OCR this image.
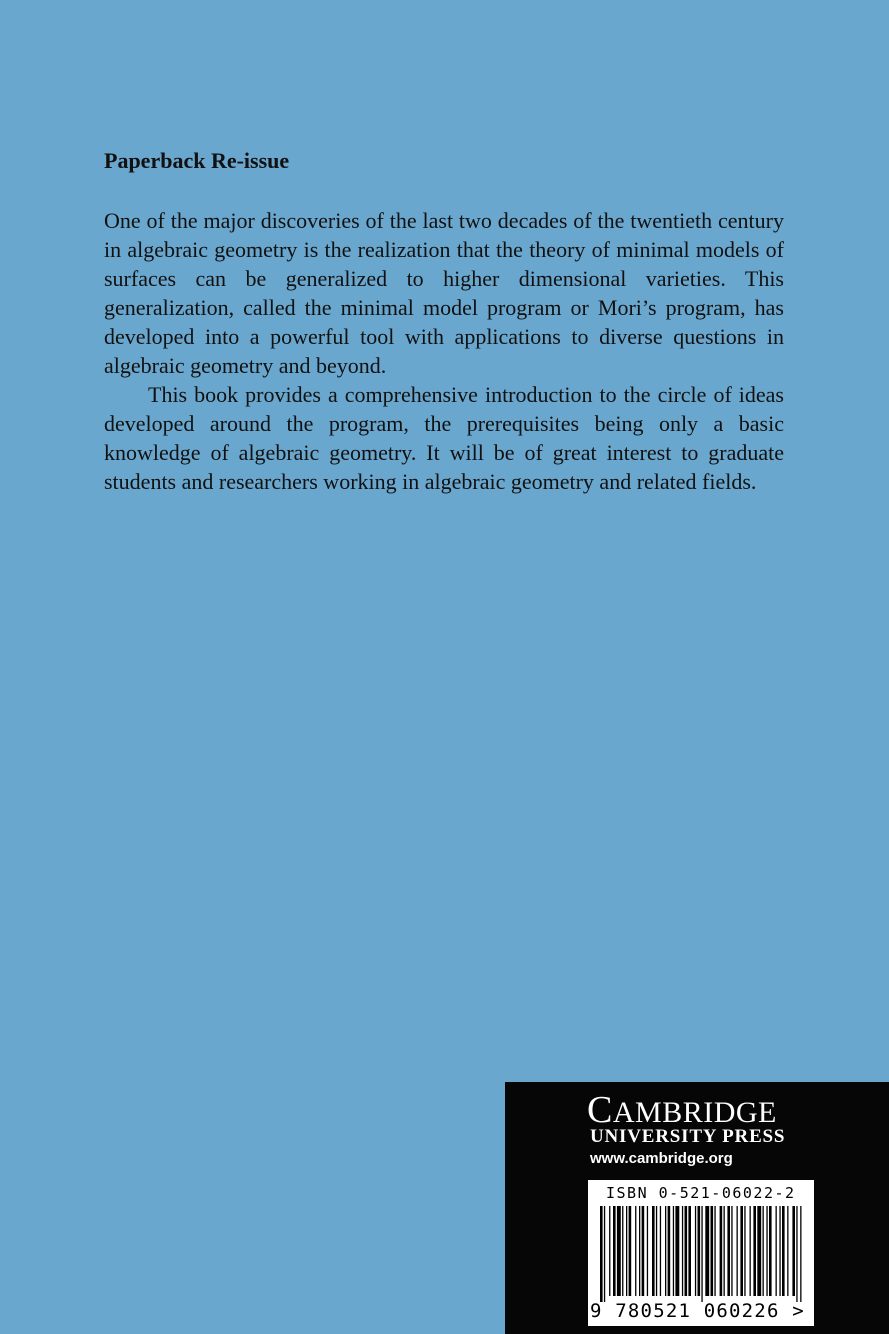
Paperback Re-issue

One of the major discoveries of the last two decades of the twentieth century in algebraic geometry is the realization that the theory of minimal models of surfaces can be generalized to higher dimensional varieties. This generalization, called the minimal model program or Mori’s program, has developed into a powerful tool with applications to diverse questions in algebraic geometry and beyond.

This book provides a comprehensive introduction to the circle of ideas developed around the program, the prerequisites being only a basic knowledge of algebraic geometry. It will be of great interest to graduate students and researchers working in algebraic geometry and related fields.

CAMBRIDGE
UNIVERSITY PRESS
www.cambridge.org
ISBN 0-521-06022-2
9 780521 060226 >
